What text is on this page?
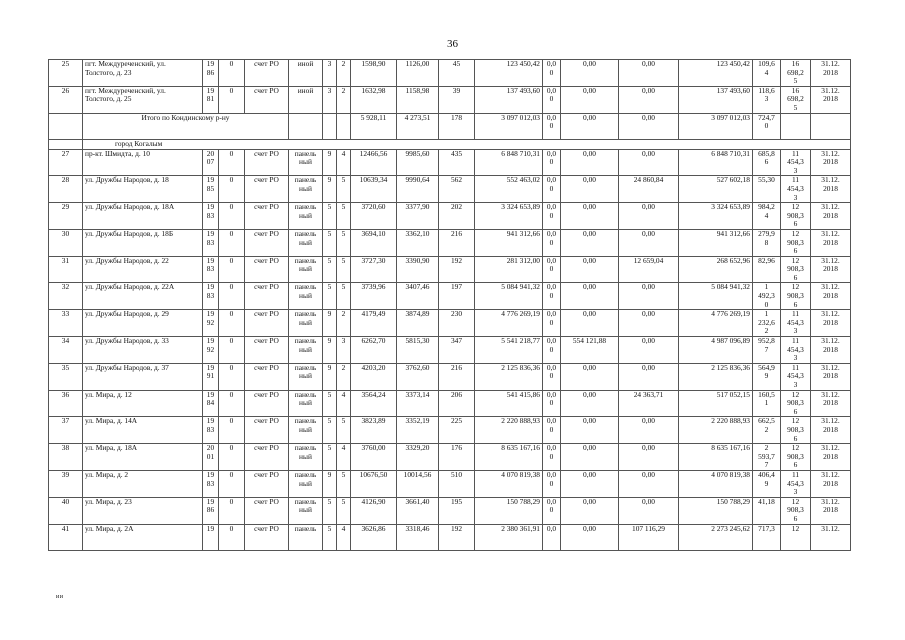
36
25	пгт. Междуреченский, ул.
Толстого, д. 23	19
86	0	счет РО	иной	3	2	1598,90	1126,00	45	123 450,42	0,0
0	0,00	0,00	123 450,42	109,6
4	16
698,2
5	31.12.
2018
26	пгт. Междуреченский, ул.
Толстого, д. 25	19
81	0	счет РО	иной	3	2	1632,98	1158,98	39	137 493,60	0,0
0	0,00	0,00	137 493,60	118,6
3	16
698,2
5	31.12.
2018
	Итого по Кондинскому р-ну							5 928,11	4 273,51	178	3 097 012,03	0,0
0	0,00	0,00	3 097 012,03	724,7
0		
	город Когалым																	
27	пр-кт. Шмидта, д. 10	20
07	0	счет РО	панель
ный	9	4	12466,56	9985,60	435	6 848 710,31	0,0
0	0,00	0,00	6 848 710,31	685,8
6	11
454,3
3	31.12.
2018
28	ул. Дружбы Народов, д. 18	19
85	0	счет РО	панель
ный	9	5	10639,34	9990,64	562	552 463,02	0,0
0	0,00	24 860,84	527 602,18	55,30	11
454,3
3	31.12.
2018
29	ул. Дружбы Народов, д. 18А	19
83	0	счет РО	панель
ный	5	5	3720,60	3377,90	202	3 324 653,89	0,0
0	0,00	0,00	3 324 653,89	984,2
4	12
908,3
6	31.12.
2018
30	ул. Дружбы Народов, д. 18Б	19
83	0	счет РО	панель
ный	5	5	3694,10	3362,10	216	941 312,66	0,0
0	0,00	0,00	941 312,66	279,9
8	12
908,3
6	31.12.
2018
31	ул. Дружбы Народов, д. 22	19
83	0	счет РО	панель
ный	5	5	3727,30	3390,90	192	281 312,00	0,0
0	0,00	12 659,04	268 652,96	82,96	12
908,3
6	31.12.
2018
32	ул. Дружбы Народов, д. 22А	19
83	0	счет РО	панель
ный	5	5	3739,96	3407,46	197	5 084 941,32	0,0
0	0,00	0,00	5 084 941,32	1
492,3
0	12
908,3
6	31.12.
2018
33	ул. Дружбы Народов, д. 29	19
92	0	счет РО	панель
ный	9	2	4179,49	3874,89	230	4 776 269,19	0,0
0	0,00	0,00	4 776 269,19	1
232,6
2	11
454,3
3	31.12.
2018
34	ул. Дружбы Народов, д. 33	19
92	0	счет РО	панель
ный	9	3	6262,70	5815,30	347	5 541 218,77	0,0
0	554 121,88	0,00	4 987 096,89	952,8
7	11
454,3
3	31.12.
2018
35	ул. Дружбы Народов, д. 37	19
91	0	счет РО	панель
ный	9	2	4203,20	3762,60	216	2 125 836,36	0,0
0	0,00	0,00	2 125 836,36	564,9
9	11
454,3
3	31.12.
2018
36	ул. Мира, д. 12	19
84	0	счет РО	панель
ный	5	4	3564,24	3373,14	206	541 415,86	0,0
0	0,00	24 363,71	517 052,15	160,5
1	12
908,3
6	31.12.
2018
37	ул. Мира, д. 14А	19
83	0	счет РО	панель
ный	5	5	3823,89	3352,19	225	2 220 888,93	0,0
0	0,00	0,00	2 220 888,93	662,5
2	12
908,3
6	31.12.
2018
38	ул. Мира, д. 18А	20
01	0	счет РО	панель
ный	5	4	3760,00	3329,20	176	8 635 167,16	0,0
0	0,00	0,00	8 635 167,16	2
593,7
7	12
908,3
6	31.12.
2018
39	ул. Мира, д. 2	19
83	0	счет РО	панель
ный	9	5	10676,50	10014,56	510	4 070 819,38	0,0
0	0,00	0,00	4 070 819,38	406,4
9	11
454,3
3	31.12.
2018
40	ул. Мира, д. 23	19
86	0	счет РО	панель
ный	5	5	4126,90	3661,40	195	150 788,29	0,0
0	0,00	0,00	150 788,29	41,18	12
908,3
6	31.12.
2018
41	ул. Мира, д. 2А	19	0	счет РО	панель	5	4	3626,86	3318,46	192	2 380 361,91	0,0	0,00	107 116,29	2 273 245,62	717,3	12	31.12.
ии
